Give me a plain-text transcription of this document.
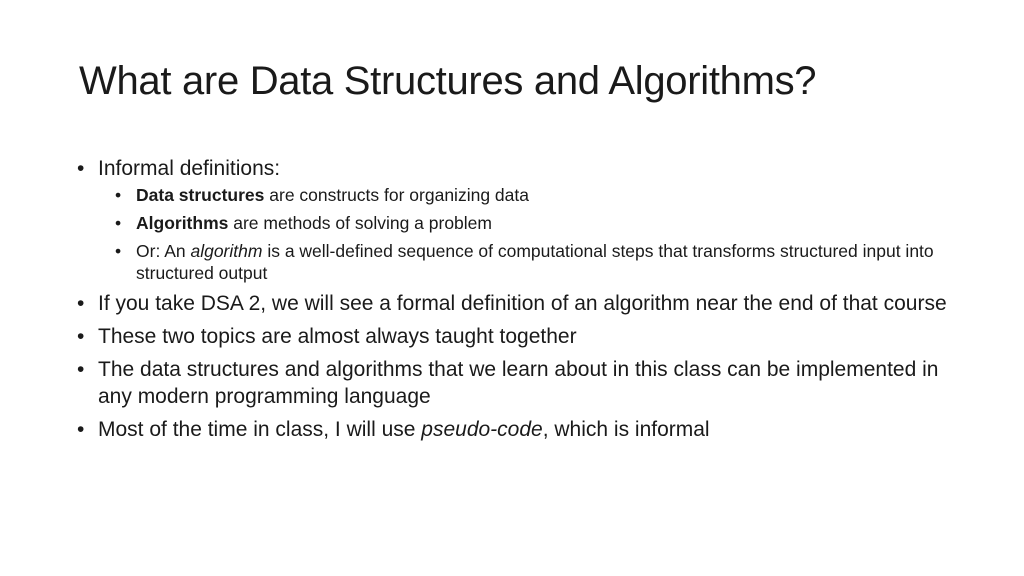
What are Data Structures and Algorithms?
• Informal definitions:
• Data structures are constructs for organizing data
• Algorithms are methods of solving a problem
• Or: An algorithm is a well-defined sequence of computational steps that transforms structured input into structured output
• If you take DSA 2, we will see a formal definition of an algorithm near the end of that course
• These two topics are almost always taught together
• The data structures and algorithms that we learn about in this class can be implemented in any modern programming language
• Most of the time in class, I will use pseudo-code, which is informal
